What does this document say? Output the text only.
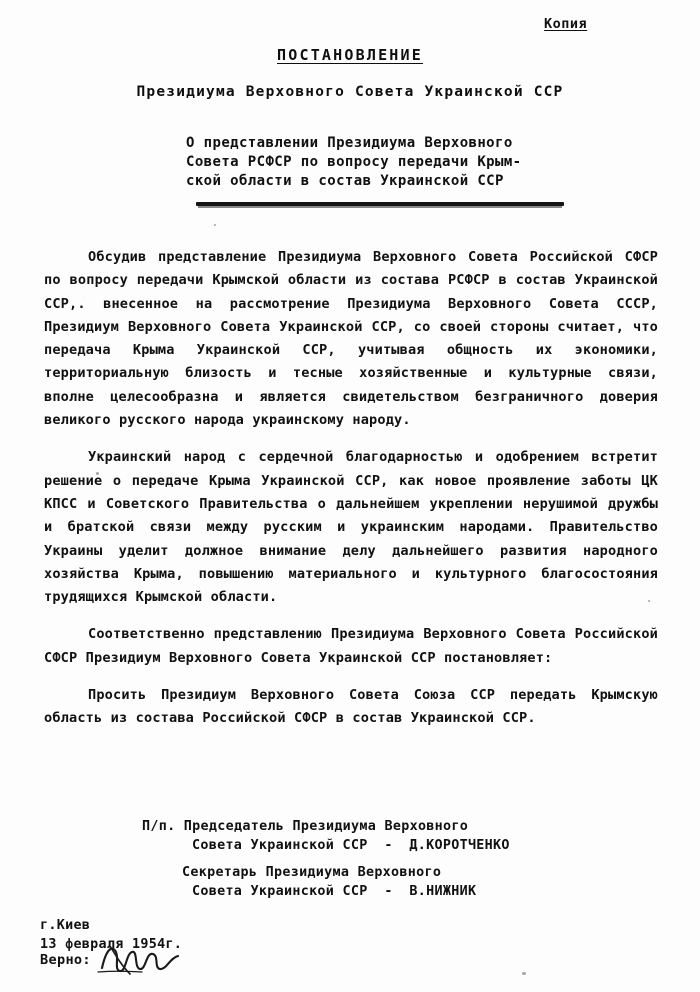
Копия
ПОСТАНОВЛЕНИЕ
Президиума Верховного Совета Украинской ССР
О представлении Президиума Верховного
Совета РСФСР по вопросу передачи Крым-
ской области в состав Украинской ССР

Обсудив представление Президиума Верховного Совета Российской СФСР по вопросу передачи Крымской области из состава РСФСР в состав Украинской ССР,. внесенное на рассмотрение Президиума Верховного Совета СССР, Президиум Верховного Совета Украинской ССР, со своей стороны считает, что передача Крыма Украинской ССР, учитывая общность их экономики, территориальную близость и тесные хозяйственные и культурные связи, вполне целесообразна и является свидетельством безграничного доверия великого русского народа украинскому народу.

Украинский народ с сердечной благодарностью и одобрением встретит решение о передаче Крыма Украинской ССР, как новое проявление заботы ЦК КПСС и Советского Правительства о дальнейшем укреплении нерушимой дружбы и братской связи между русским и украинским народами. Правительство Украины уделит должное внимание делу дальнейшего развития народного хозяйства Крыма, повышению материального и культурного благосостояния трудящихся Крымской области.

Соответственно представлению Президиума Верховного Совета Российской СФСР Президиум Верховного Совета Украинской ССР постановляет:

Просить Президиум Верховного Совета Союза ССР передать Крымскую область из состава Российской СФСР в состав Украинской ССР.

П/п. Председатель Президиума Верховного
Совета Украинской ССР  -  Д.КОРОТЧЕНКО
Секретарь Президиума Верховного
Совета Украинской ССР  -  В.НИЖНИК
г.Киев
13 февраля 1954г.
Верно:
